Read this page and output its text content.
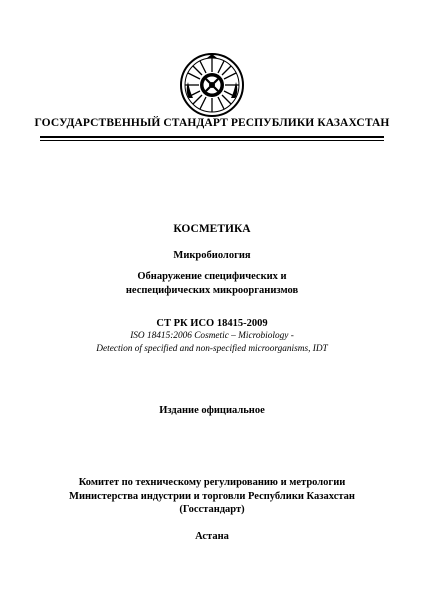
ГОСУДАРСТВЕННЫЙ СТАНДАРТ РЕСПУБЛИКИ КАЗАХСТАН
КОСМЕТИКА
Микробиология
Обнаружение специфических и
неспецифических микроорганизмов
СТ РК ИСО 18415-2009
ISO 18415:2006 Cosmetic – Microbiology -
Detection of specified and non-specified microorganisms, IDT
Издание официальное
Комитет по техническому регулированию и метрологии
Министерства индустрии и торговли Республики Казахстан
(Госстандарт)
Астана
